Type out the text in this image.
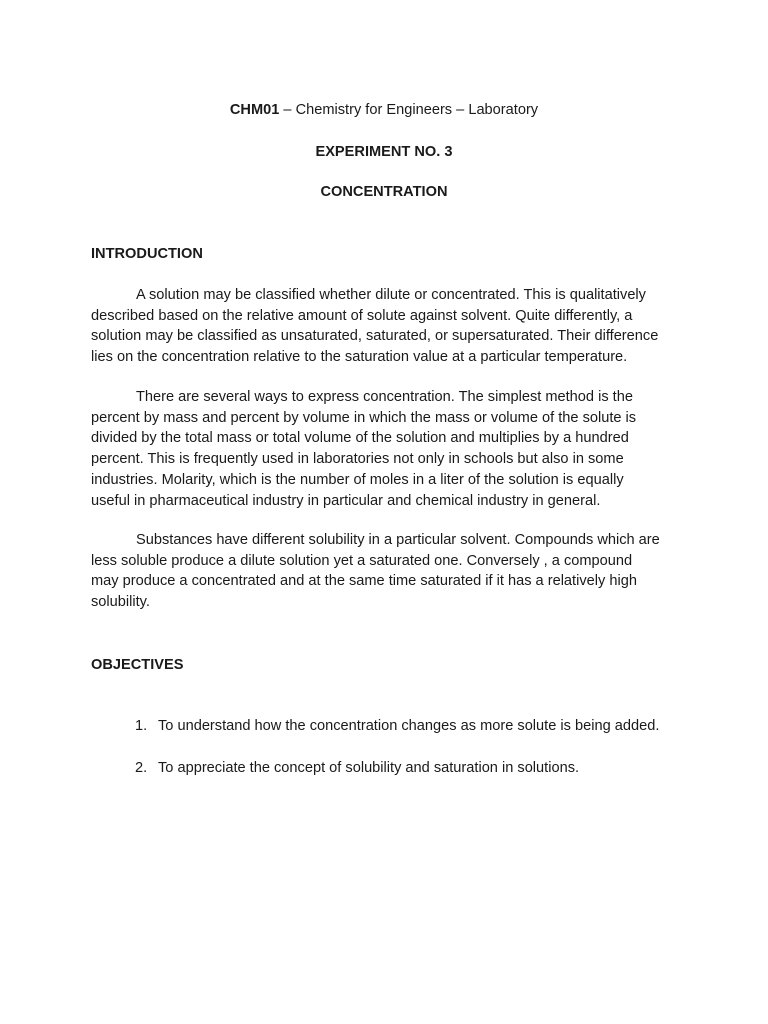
CHM01 – Chemistry for Engineers – Laboratory
EXPERIMENT NO. 3
CONCENTRATION
INTRODUCTION
A solution may be classified whether dilute or concentrated. This is qualitatively
described based on the relative amount of solute against solvent. Quite differently, a
solution may be classified as unsaturated, saturated, or supersaturated. Their difference
lies on the concentration relative to the saturation value at a particular temperature.
There are several ways to express concentration. The simplest method is the
percent by mass and percent by volume in which the mass or volume of the solute is
divided by the total mass or total volume of the solution and multiplies by a hundred
percent. This is frequently used in laboratories not only in schools but also in some
industries. Molarity, which is the number of moles in a liter of the solution is equally
useful in pharmaceutical industry in particular and chemical industry in general.
Substances have different solubility in a particular solvent. Compounds which are
less soluble produce a dilute solution yet a saturated one. Conversely , a compound
may produce a concentrated and at the same time saturated if it has a relatively high
solubility.
OBJECTIVES
1. To understand how the concentration changes as more solute is being added.
2. To appreciate the concept of solubility and saturation in solutions.
